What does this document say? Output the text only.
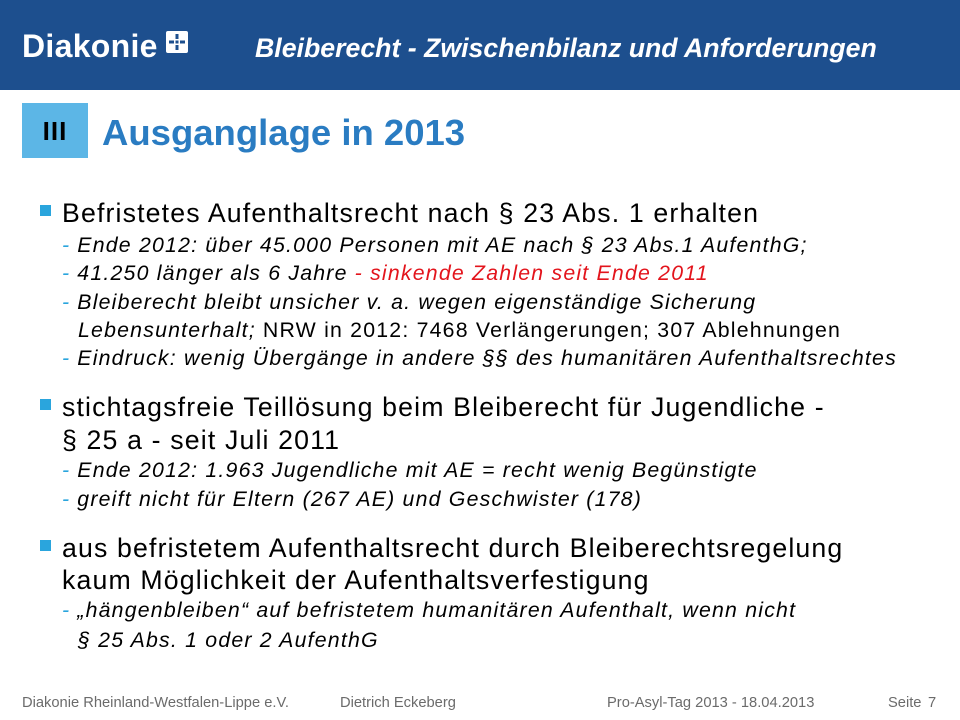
Diakonie	Bleiberecht - Zwischenbilanz und Anforderungen
III Ausganglage in 2013
Befristetes Aufenthaltsrecht nach § 23 Abs. 1 erhalten
- Ende 2012: über 45.000 Personen mit AE nach § 23 Abs.1 AufenthG;
- 41.250 länger als 6 Jahre - sinkende Zahlen seit Ende 2011
- Bleiberecht bleibt unsicher v. a. wegen eigenständige Sicherung
Lebensunterhalt; NRW in 2012: 7468 Verlängerungen; 307 Ablehnungen
- Eindruck: wenig Übergänge in andere §§ des humanitären Aufenthaltsrechtes
stichtagsfreie Teillösung beim Bleiberecht für Jugendliche -
§ 25 a - seit Juli 2011
- Ende 2012: 1.963 Jugendliche mit AE = recht wenig Begünstigte
- greift nicht für Eltern (267 AE) und Geschwister (178)
aus befristetem Aufenthaltsrecht durch Bleiberechtsregelung
kaum Möglichkeit der Aufenthaltsverfestigung
- „hängenbleiben“ auf befristetem humanitären Aufenthalt, wenn nicht
§ 25 Abs. 1 oder 2 AufenthG
Diakonie Rheinland-Westfalen-Lippe e.V.	Dietrich Eckeberg	Pro-Asyl-Tag 2013 - 18.04.2013	Seite 7
